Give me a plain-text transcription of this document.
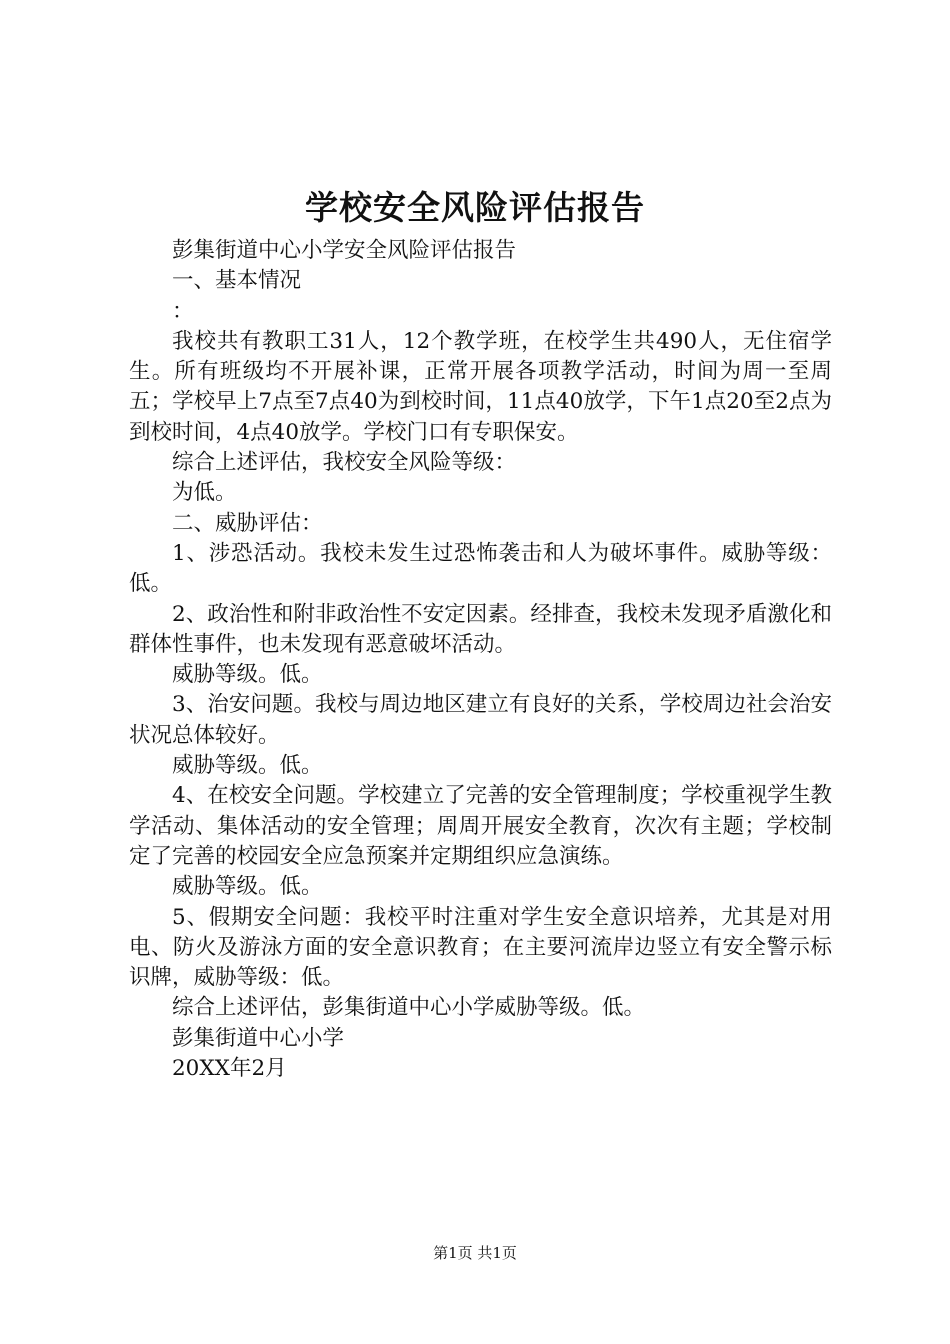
学校安全风险评估报告

彭集街道中心小学安全风险评估报告

一、基本情况

：

我校共有教职工31人，12个教学班，在校学生共490人，无住宿学生。所有班级均不开展补课，正常开展各项教学活动，时间为周一至周五；学校早上7点至7点40为到校时间，11点40放学，下午1点20至2点为到校时间，4点40放学。学校门口有专职保安。

综合上述评估，我校安全风险等级：

为低。

二、威胁评估：

1、涉恐活动。我校未发生过恐怖袭击和人为破坏事件。威胁等级：低。

2、政治性和附非政治性不安定因素。经排查，我校未发现矛盾激化和群体性事件，也未发现有恶意破坏活动。

威胁等级。低。

3、治安问题。我校与周边地区建立有良好的关系，学校周边社会治安状况总体较好。

威胁等级。低。

4、在校安全问题。学校建立了完善的安全管理制度；学校重视学生教学活动、集体活动的安全管理；周周开展安全教育，次次有主题；学校制定了完善的校园安全应急预案并定期组织应急演练。

威胁等级。低。

5、假期安全问题：我校平时注重对学生安全意识培养，尤其是对用电、防火及游泳方面的安全意识教育；在主要河流岸边竖立有安全警示标识牌，威胁等级：低。

综合上述评估，彭集街道中心小学威胁等级。低。

彭集街道中心小学

20XX年2月

第1页 共1页
